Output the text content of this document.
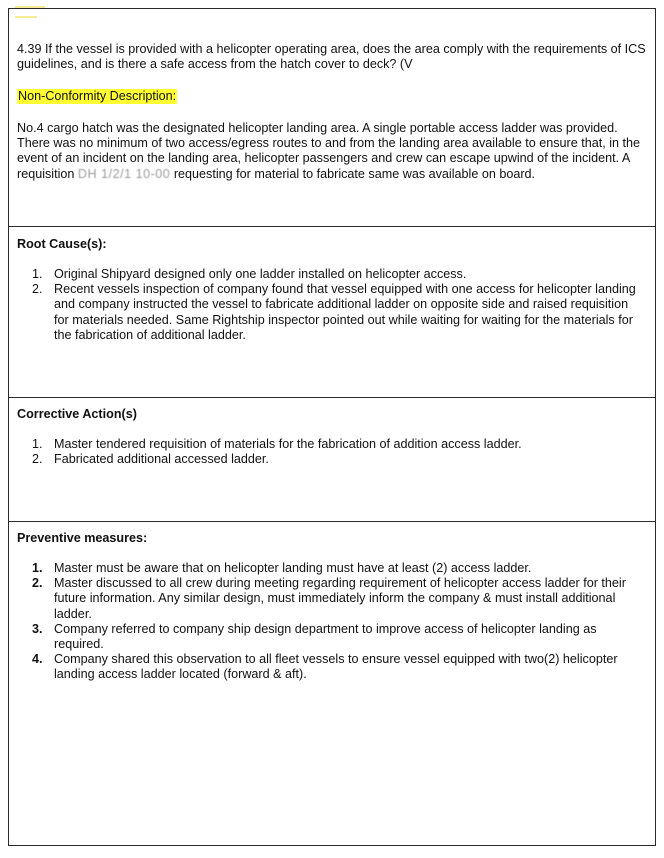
4.39 If the vessel is provided with a helicopter operating area, does the area comply with the requirements of ICS guidelines, and is there a safe access from the hatch cover to deck? (V
Non-Conformity Description:
No.4 cargo hatch was the designated helicopter landing area. A single portable access ladder was provided. There was no minimum of two access/egress routes to and from the landing area available to ensure that, in the event of an incident on the landing area, helicopter passengers and crew can escape upwind of the incident. A requisition DH 1/2/1 10-00 requesting for material to fabricate same was available on board.
Root Cause(s):
1. Original Shipyard designed only one ladder installed on helicopter access.
2. Recent vessels inspection of company found that vessel equipped with one access for helicopter landing and company instructed the vessel to fabricate additional ladder on opposite side and raised requisition for materials needed. Same Rightship inspector pointed out while waiting for waiting for the materials for the fabrication of additional ladder.
Corrective Action(s)
1. Master tendered requisition of materials for the fabrication of addition access ladder.
2. Fabricated additional accessed ladder.
Preventive measures:
1. Master must be aware that on helicopter landing must have at least (2) access ladder.
2. Master discussed to all crew during meeting regarding requirement of helicopter access ladder for their future information. Any similar design, must immediately inform the company & must install additional ladder.
3. Company referred to company ship design department to improve access of helicopter landing as required.
4. Company shared this observation to all fleet vessels to ensure vessel equipped with two(2) helicopter landing access ladder located (forward & aft).
